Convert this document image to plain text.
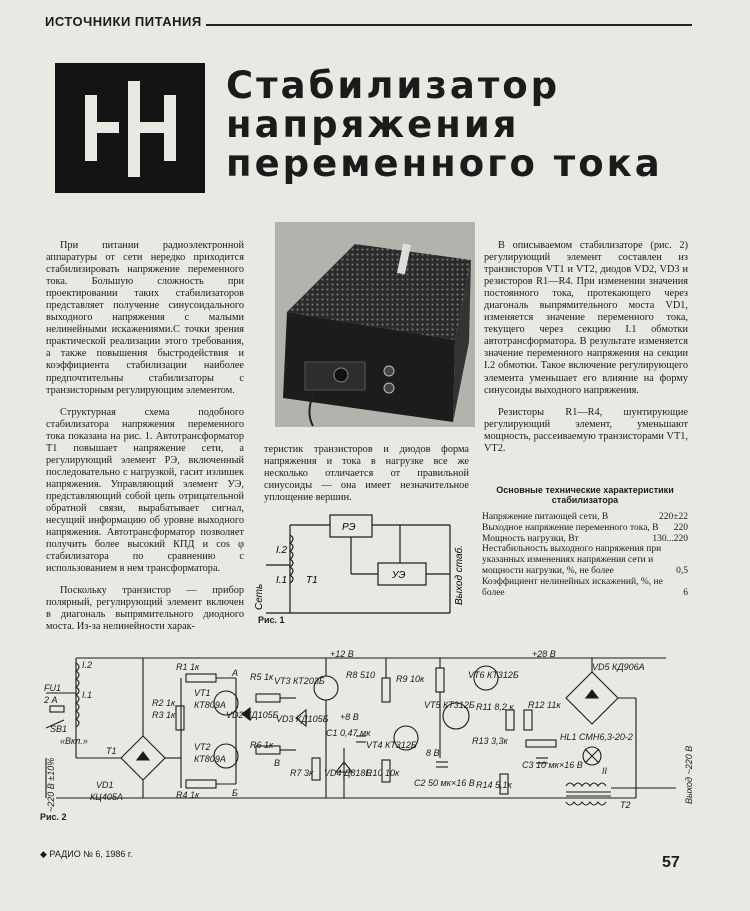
ИСТОЧНИКИ ПИТАНИЯ
Стабилизатор
напряжения
переменного тока

При питании радиоэлектронной аппаратуры от сети нередко приходится стабилизировать напряжение переменного тока. Большую сложность при проектировании таких стабилизаторов представляет получение синусоидального выходного напряжения с малыми нелинейными искажениями.С точки зрения практической реализации этого требования, а также повышения быстродействия и коэффициента стабилизации наиболее предпочтительны стабилизаторы с транзисторным регулирующим элементом.

Структурная схема подобного стабилизатора напряжения переменного тока показана на рис. 1. Автотрансформатор Т1 повышает напряжение сети, а регулирующий элемент РЭ, включенный последовательно с нагрузкой, гасит излишек напряжения. Управляющий элемент УЭ, представляющий собой цепь отрицательной обратной связи, вырабатывает сигнал, несущий информацию об уровне выходного напряжения. Автотрансформатор позволяет получить более высокий КПД и cos φ стабилизатора по сравнению с использованием в нем трансформатора.

Поскольку транзистор — прибор полярный, регулирующий элемент включен в диагональ выпрямительного диодного моста. Из-за нелинейности харак-

теристик транзисторов и диодов форма напряжения и тока в нагрузке все же несколько отличается от правильной синусоиды — она имеет незначительное уплощение вершин.

В описываемом стабилизаторе (рис. 2) регулирующий элемент составлен из транзисторов VT1 и VT2, диодов VD2, VD3 и резисторов R1—R4. При изменении значения постоянного тока, протекающего через диагональ выпрямительного моста VD1, изменяется значение переменного тока, текущего через секцию I.1 обмотки автотрансформатора. В результате изменяется значение переменного напряжения на секции I.2 обмотки. Такое включение регулирующего элемента уменьшает его влияние на форму синусоиды выходного напряжения.

Резисторы R1—R4, шунтирующие регулирующий элемент, уменьшают мощность, рассеиваемую транзисторами VT1, VT2.

Основные технические характеристики стабилизатора
Напряжение питающей сети, В	220±22
Выходное напряжение переменного тока, В 220
Мощность нагрузки, Вт	130...220
Нестабильность выходного напряжения при указанных изменениях напряжения сети и мощности нагрузки, %, не более	0,5
Коэффициент нелинейных искажений, %, не более	6
РЭ
УЭ
I.2
I.1 Т1
Сеть	Выход стаб.
Рис. 1
I.2
I.1
FU1
2 А
SB1
«Вкл.»
~220 В ±10%
T1
VD1
КЦ405А
R1 1к
R2 1к
R3 1к
R4 1к
VT1
КТ809А
VT2
КТ809А
VD2 КД105Б
VD3 КД105Б
R5 1к
R6 1к
А
Б
В
VT3 КТ203Б
R7 3к VD4 Д818Е
+12 В
R8 510
+8 В
C1 0,47 мк
VT4 КТ312Б
R10 10к
R9 10к
VT5 КТ312Б
8 В
C2 50 мк×16 В
VT6 КТ312Б
R11 8,2 к R12 11к
R13 3,3к
C3 10 мк×16 В
R14 5,1к
+28 В
VD5 КД906А
HL1 СМН6,3-20-2
II
T2
Выход ~220 В
Рис. 2
◆ РАДИО № 6, 1986 г.	57
